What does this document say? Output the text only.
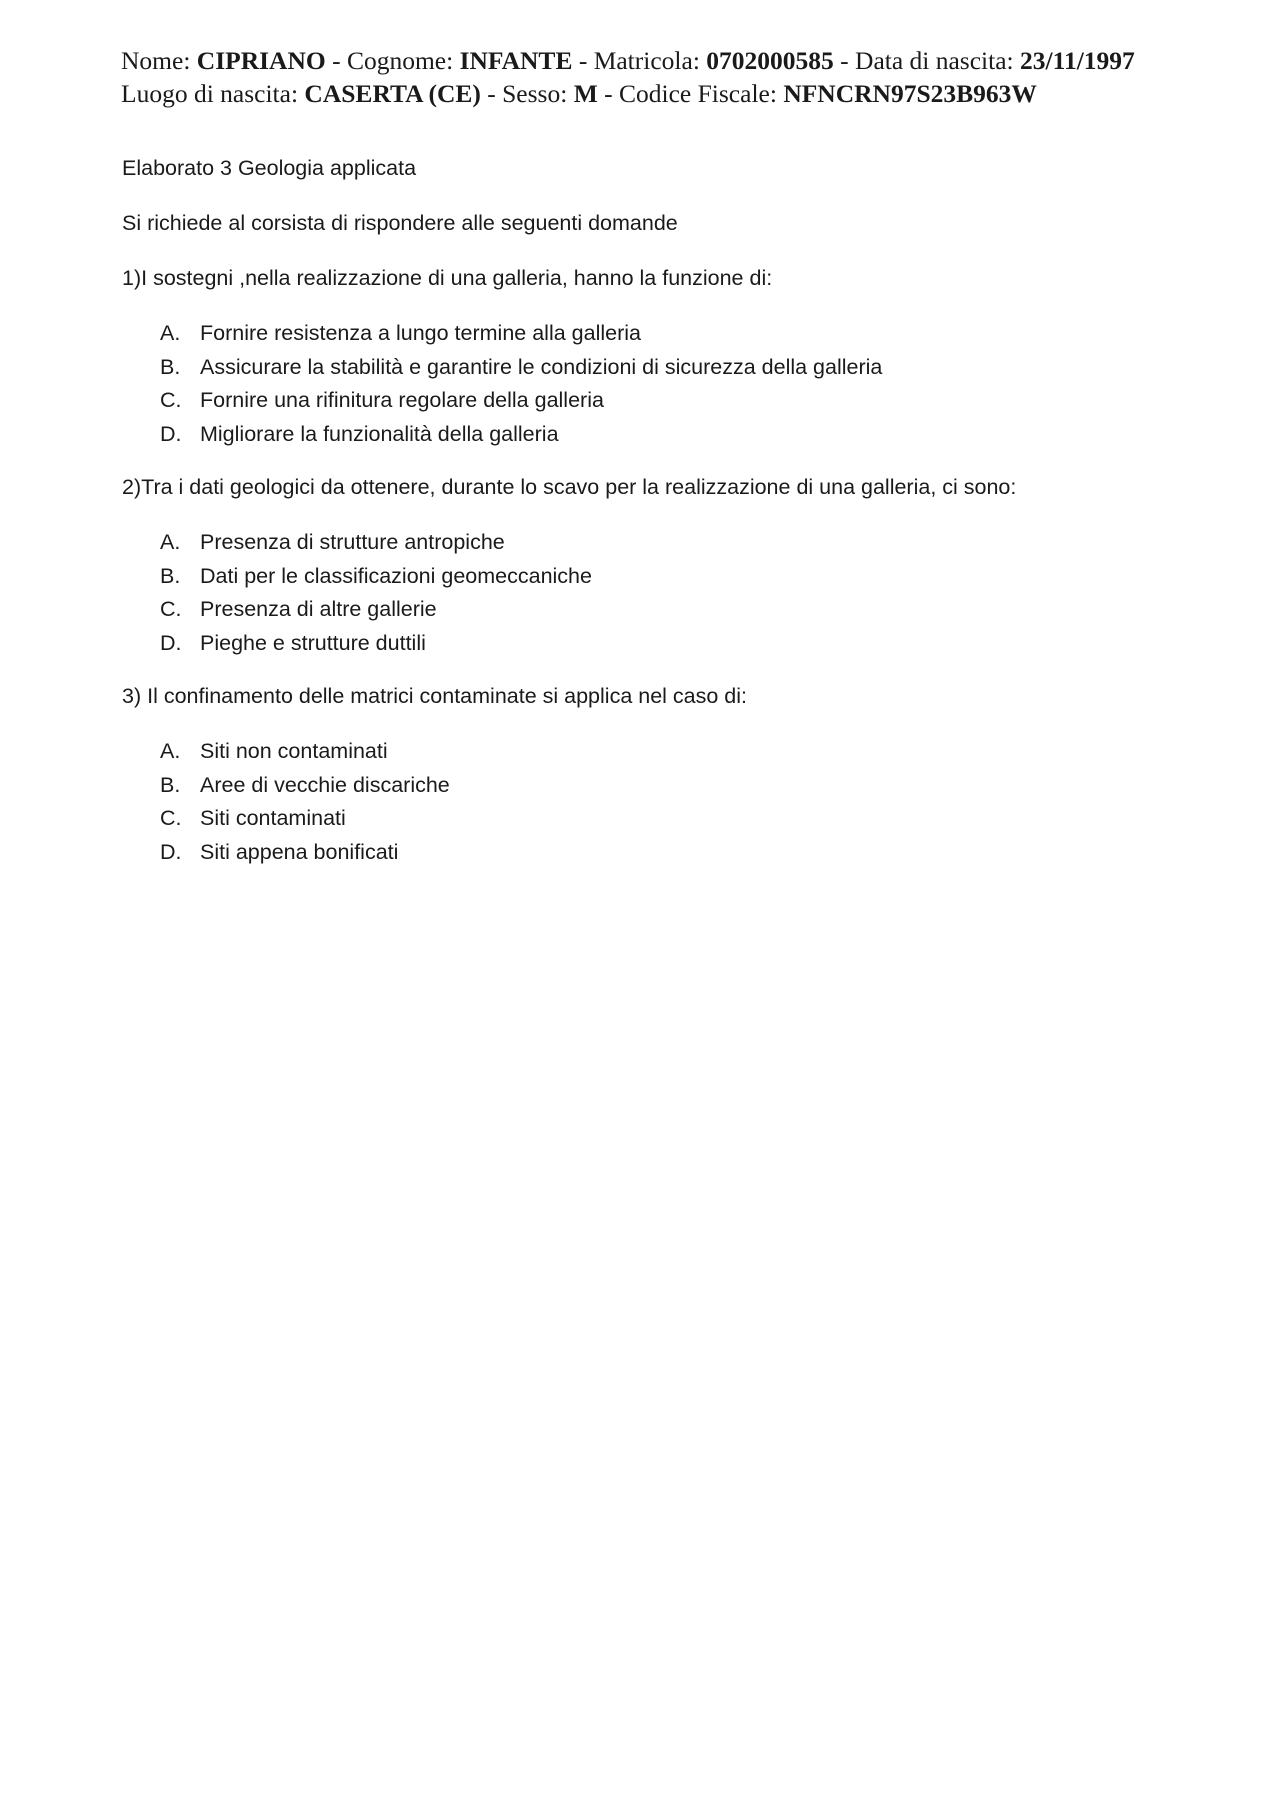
Nome: CIPRIANO - Cognome: INFANTE - Matricola: 0702000585 - Data di nascita: 23/11/1997
Luogo di nascita: CASERTA (CE) - Sesso: M - Codice Fiscale: NFNCRN97S23B963W

Elaborato 3 Geologia applicata

Si richiede al corsista di rispondere alle seguenti domande

1)I sostegni ,nella realizzazione di una galleria, hanno la funzione di:

A. Fornire resistenza a lungo termine alla galleria
B. Assicurare la stabilità e garantire le condizioni di sicurezza della galleria
C. Fornire una rifinitura regolare della galleria
D. Migliorare la funzionalità della galleria

2)Tra i dati geologici da ottenere, durante lo scavo per la realizzazione di una galleria, ci sono:

A. Presenza di strutture antropiche
B. Dati per le classificazioni geomeccaniche
C. Presenza di altre gallerie
D. Pieghe e strutture duttili

3) Il confinamento delle matrici contaminate si applica nel caso di:

A. Siti non contaminati
B. Aree di vecchie discariche
C. Siti contaminati
D. Siti appena bonificati
